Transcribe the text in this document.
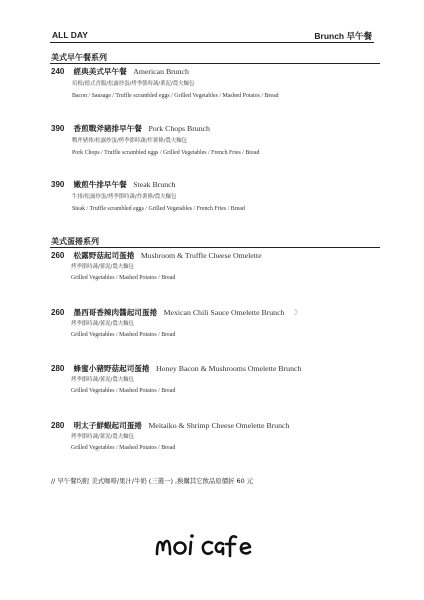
ALL DAY	Brunch 早午餐
美式早午餐系列
240 經典美式早午餐 American Brunch
培根/德式香腸/松露炒蛋/烤季節時蔬/薯泥/農夫麵包
Bacon / Sausage / Truffle scrambled eggs / Grilled Vegetables / Mashed Potatos / Bread
390 香煎戰斧豬排早午餐 Pork Chops Brunch
戰斧豬排/松露炒蛋/烤季節時蔬/炸薯條/農夫麵包
Pork Chops / Truffle scrambled eggs / Grilled Vegetables / French Fries / Bread
390 嫩煎牛排早午餐 Steak Brunch
牛排/松露炒蛋/烤季節時蔬/炸薯條/農夫麵包
Steak / Truffle scrambled eggs / Grilled Vegetables / French Fries / Bread
美式蛋捲系列
260 松露野菇起司蛋捲 Mushroom & Truffle Cheese Omelette
烤季節時蔬/薯泥/農夫麵包
Grilled Vegetables / Mashed Potatos / Bread
260 墨西哥香辣肉醬起司蛋捲 Mexican Chili Sauce Omelette Brunch ☽
烤季節時蔬/薯泥/農夫麵包
Grilled Vegetables / Mashed Potatos / Bread
280 蜂蜜小豬野菇起司蛋捲 Honey Bacon & Mushrooms Omelette Brunch
烤季節時蔬/薯泥/農夫麵包
Grilled Vegetables / Mashed Potatos / Bread
280 明太子鮮蝦起司蛋捲 Meitaiko & Shrimp Cheese Omelette Brunch
烤季節時蔬/薯泥/農夫麵包
Grilled Vegetables / Mashed Potatos / Bread
// 早午餐均附 美式咖啡/果汁/牛奶 (三選一) ,換購其它飲品原價折 60 元
